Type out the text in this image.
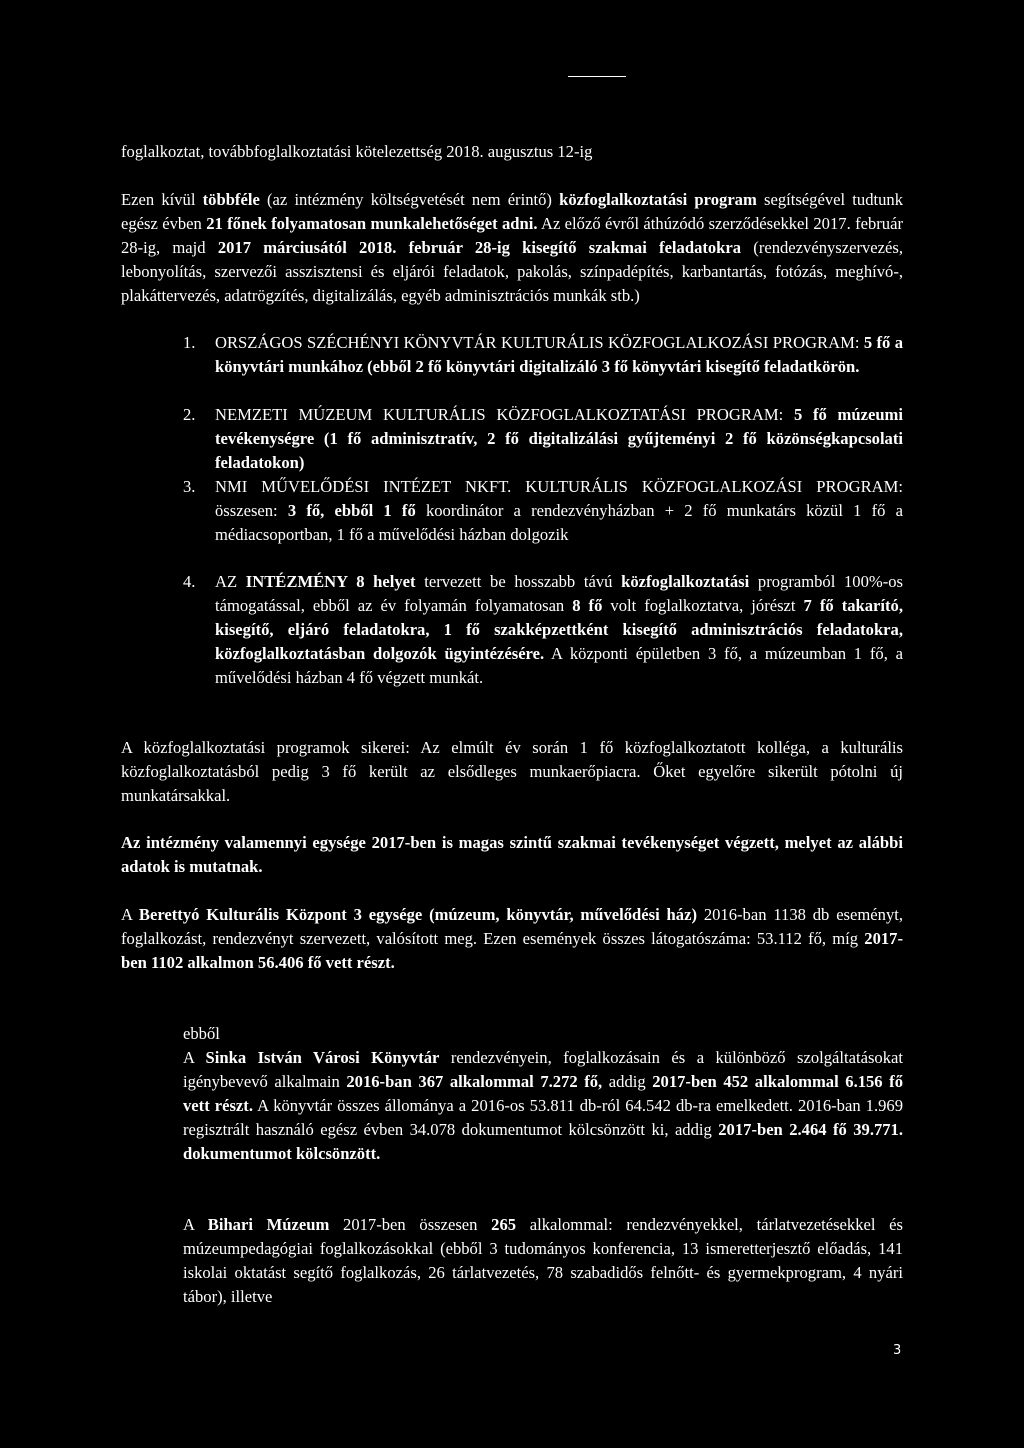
foglalkoztat, továbbfoglalkoztatási kötelezettség 2018. augusztus 12-ig

Ezen kívül többféle (az intézmény költségvetését nem érintő) közfoglalkoztatási program segítségével tudtunk egész évben 21 főnek folyamatosan munkalehetőséget adni. Az előző évről áthúzódó szerződésekkel 2017. február 28-ig, majd 2017 márciusától 2018. február 28-ig kisegítő szakmai feladatokra (rendezvényszervezés, lebonyolítás, szervezői asszisztensi és eljárói feladatok, pakolás, színpadépítés, karbantartás, fotózás, meghívó-, plakáttervezés, adatrögzítés, digitalizálás, egyéb adminisztrációs munkák stb.)

1. ORSZÁGOS SZÉCHÉNYI KÖNYVTÁR KULTURÁLIS KÖZFOGLALKOZÁSI PROGRAM: 5 fő a könyvtári munkához (ebből 2 fő könyvtári digitalizáló 3 fő könyvtári kisegítő feladatkörön.
2. NEMZETI MÚZEUM KULTURÁLIS KÖZFOGLALKOZTATÁSI PROGRAM: 5 fő múzeumi tevékenységre (1 fő adminisztratív, 2 fő digitalizálási gyűjteményi 2 fő közönségkapcsolati feladatokon)
3. NMI MŰVELŐDÉSI INTÉZET NKFT. KULTURÁLIS KÖZFOGLALKOZÁSI PROGRAM: összesen: 3 fő, ebből 1 fő koordinátor a rendezvényházban + 2 fő munkatárs közül 1 fő a médiacsoportban, 1 fő a művelődési házban dolgozik
4. AZ INTÉZMÉNY 8 helyet tervezett be hosszabb távú közfoglalkoztatási programból 100%-os támogatással, ebből az év folyamán folyamatosan 8 fő volt foglalkoztatva, jórészt 7 fő takarító, kisegítő, eljáró feladatokra, 1 fő szakképzettként kisegítő adminisztrációs feladatokra, közfoglalkoztatásban dolgozók ügyintézésére. A központi épületben 3 fő, a múzeumban 1 fő, a művelődési házban 4 fő végzett munkát.

A közfoglalkoztatási programok sikerei: Az elmúlt év során 1 fő közfoglalkoztatott kolléga, a kulturális közfoglalkoztatásból pedig 3 fő került az elsődleges munkaerőpiacra. Őket egyelőre sikerült pótolni új munkatársakkal.

Az intézmény valamennyi egysége 2017-ben is magas szintű szakmai tevékenységet végzett, melyet az alábbi adatok is mutatnak.

A Berettyó Kulturális Központ 3 egysége (múzeum, könyvtár, művelődési ház) 2016-ban 1138 db eseményt, foglalkozást, rendezvényt szervezett, valósított meg. Ezen események összes látogatószáma: 53.112 fő, míg 2017-ben 1102 alkalmon 56.406 fő vett részt.

ebből

A Sinka István Városi Könyvtár rendezvényein, foglalkozásain és a különböző szolgáltatásokat igénybevevő alkalmain 2016-ban 367 alkalommal 7.272 fő, addig 2017-ben 452 alkalommal 6.156 fő vett részt. A könyvtár összes állománya a 2016-os 53.811 db-ról 64.542 db-ra emelkedett. 2016-ban 1.969 regisztrált használó egész évben 34.078 dokumentumot kölcsönzött ki, addig 2017-ben 2.464 fő 39.771. dokumentumot kölcsönzött.

A Bihari Múzeum 2017-ben összesen 265 alkalommal: rendezvényekkel, tárlatvezetésekkel és múzeumpedagógiai foglalkozásokkal (ebből 3 tudományos konferencia, 13 ismeretterjesztő előadás, 141 iskolai oktatást segítő foglalkozás, 26 tárlatvezetés, 78 szabadidős felnőtt- és gyermekprogram, 4 nyári tábor), illetve

3
